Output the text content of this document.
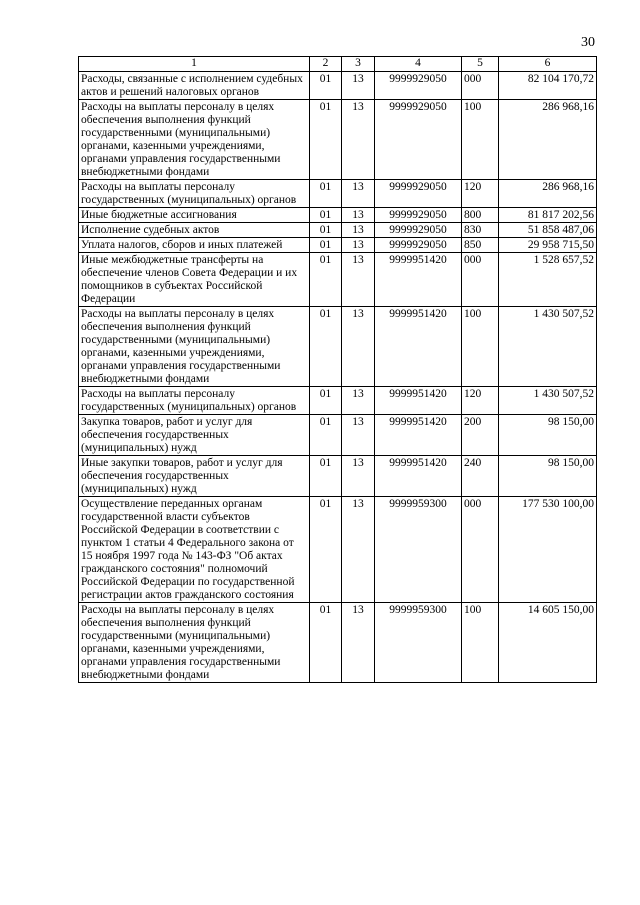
30
1	2	3	4	5	6
Расходы, связанные с исполнением судебных актов и решений налоговых органов	01	13	9999929050	000	82 104 170,72
Расходы на выплаты персоналу в целях обеспечения выполнения функций государственными (муниципальными) органами, казенными учреждениями, органами управления государственными внебюджетными фондами	01	13	9999929050	100	286 968,16
Расходы на выплаты персоналу государственных (муниципальных) органов	01	13	9999929050	120	286 968,16
Иные бюджетные ассигнования	01	13	9999929050	800	81 817 202,56
Исполнение судебных актов	01	13	9999929050	830	51 858 487,06
Уплата налогов, сборов и иных платежей	01	13	9999929050	850	29 958 715,50
Иные межбюджетные трансферты на обеспечение членов Совета Федерации и их помощников в субъектах Российской Федерации	01	13	9999951420	000	1 528 657,52
Расходы на выплаты персоналу в целях обеспечения выполнения функций государственными (муниципальными) органами, казенными учреждениями, органами управления государственными внебюджетными фондами	01	13	9999951420	100	1 430 507,52
Расходы на выплаты персоналу государственных (муниципальных) органов	01	13	9999951420	120	1 430 507,52
Закупка товаров, работ и услуг для обеспечения государственных (муниципальных) нужд	01	13	9999951420	200	98 150,00
Иные закупки товаров, работ и услуг для обеспечения государственных (муниципальных) нужд	01	13	9999951420	240	98 150,00
Осуществление переданных органам государственной власти субъектов Российской Федерации в соответствии с пунктом 1 статьи 4 Федерального закона от 15 ноября 1997 года № 143-ФЗ "Об актах гражданского состояния" полномочий Российской Федерации по государственной регистрации актов гражданского состояния	01	13	9999959300	000	177 530 100,00
Расходы на выплаты персоналу в целях обеспечения выполнения функций государственными (муниципальными) органами, казенными учреждениями, органами управления государственными внебюджетными фондами	01	13	9999959300	100	14 605 150,00
